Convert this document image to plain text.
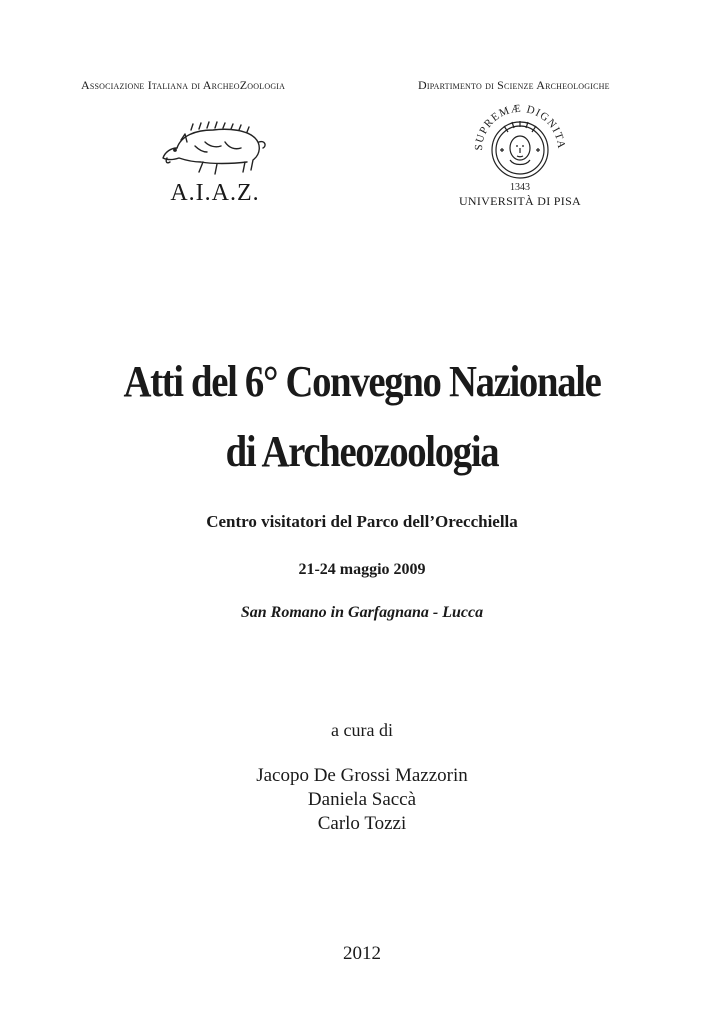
Associazione Italiana di ArcheoZoologia	Dipartimento di Scienze Archeologiche
A.I.A.Z.
SUPREMÆ DIGNITA
1343
UNIVERSITÀ DI PISA
Atti del 6° Convegno Nazionale
di Archeozoologia
Centro visitatori del Parco dell’Orecchiella
21-24 maggio 2009
San Romano in Garfagnana - Lucca
a cura di
Jacopo De Grossi Mazzorin
Daniela Saccà
Carlo Tozzi
2012
